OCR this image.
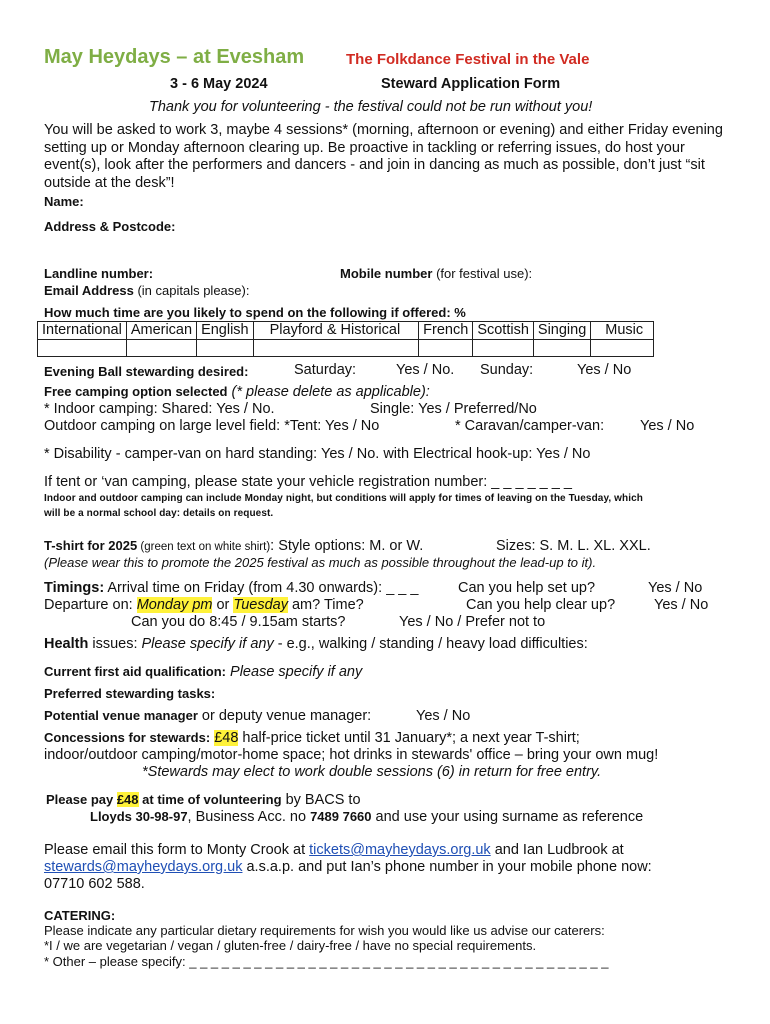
May Heydays – at Evesham	The Folkdance Festival in the Vale
3 - 6 May 2024	Steward Application Form
Thank you for volunteering - the festival could not be run without you!
You will be asked to work 3, maybe 4 sessions* (morning, afternoon or evening) and either Friday evening setting up or Monday afternoon clearing up. Be proactive in tackling or referring issues, do host your event(s), look after the performers and dancers - and join in dancing as much as possible, don’t just “sit outside at the desk”!
Name:
Address & Postcode:
Landline number:	Mobile number (for festival use):
Email Address (in capitals please):
How much time are you likely to spend on the following if offered: %
International	American	English	Playford & Historical	French	Scottish	Singing	Music

Evening Ball stewarding desired:	Saturday:	Yes / No. Sunday:	Yes / No
Free camping option selected (* please delete as applicable):
* Indoor camping: Shared: Yes / No.	Single: Yes / Preferred/No
Outdoor camping on large level field: *Tent: Yes / No	* Caravan/camper-van: Yes / No
* Disability - camper-van on hard standing: Yes / No. with Electrical hook-up: Yes / No
If tent or ‘van camping, please state your vehicle registration number: _ _ _ _ _ _ _
Indoor and outdoor camping can include Monday night, but conditions will apply for times of leaving on the Tuesday, which
will be a normal school day: details on request.
T-shirt for 2025 (green text on white shirt): Style options: M. or W.	Sizes: S. M. L. XL. XXL.
(Please wear this to promote the 2025 festival as much as possible throughout the lead-up to it).
Timings: Arrival time on Friday (from 4.30 onwards): _ _ _	Can you help set up?	Yes / No
Departure on: Monday pm or Tuesday am? Time?	Can you help clear up?	Yes / No
Can you do 8:45 / 9.15am starts?	Yes / No / Prefer not to
Health issues: Please specify if any - e.g., walking / standing / heavy load difficulties:
Current first aid qualification: Please specify if any
Preferred stewarding tasks:
Potential venue manager or deputy venue manager:	Yes / No
Concessions for stewards: £48 half-price ticket until 31 January*; a next year T-shirt;
indoor/outdoor camping/motor-home space; hot drinks in stewards' office – bring your own mug!
*Stewards may elect to work double sessions (6) in return for free entry.
Please pay £48 at time of volunteering by BACS to
Lloyds 30-98-97, Business Acc. no 7489 7660 and use your using surname as reference
Please email this form to Monty Crook at tickets@mayheydays.org.uk and Ian Ludbrook at
stewards@mayheydays.org.uk a.s.a.p. and put Ian’s phone number in your mobile phone now:
07710 602 588.
CATERING:
Please indicate any particular dietary requirements for wish you would like us advise our caterers:
*I / we are vegetarian / vegan / gluten-free / dairy-free / have no special requirements.
* Other – please specify: _ _ _ _ _ _ _ _ _ _ _ _ _ _ _ _ _ _ _ _ _ _ _ _ _ _ _ _ _ _ _ _ _ _ _ _ _ _ _
